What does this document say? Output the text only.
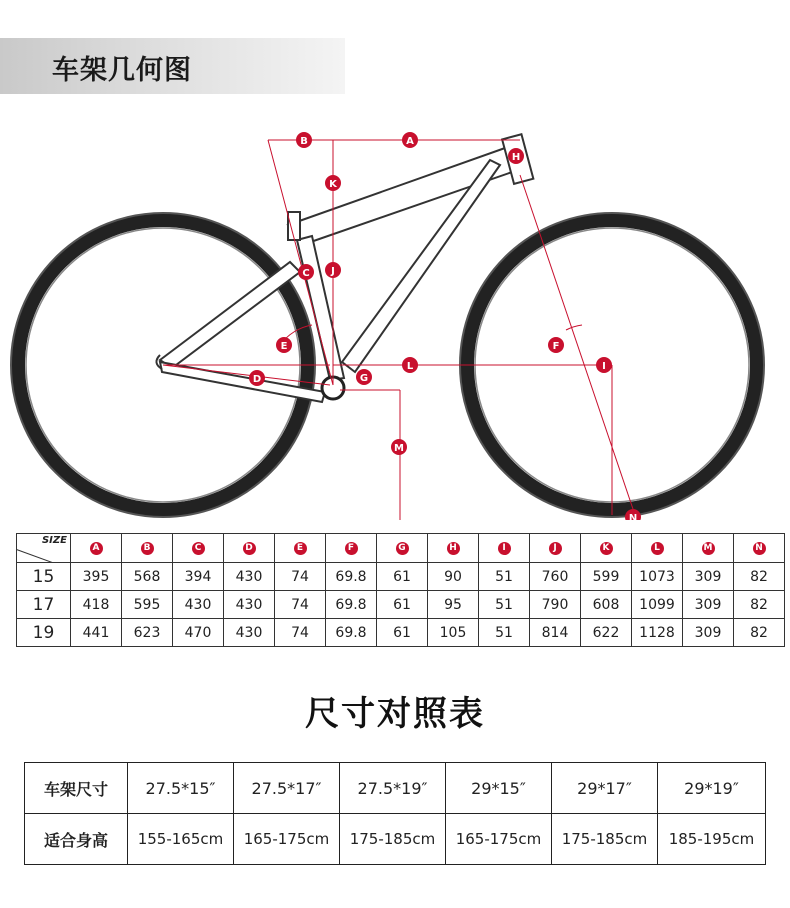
车架几何图
A
B
C
D
E	F
G
H
I
J
K
L
M
N
SIZE	A	B	C	D	E	F	G	H	I	J	K	L	M	N
15	395	568	394	430	74	69.8	61	90	51	760	599	1073	309	82
17	418	595	430	430	74	69.8	61	95	51	790	608	1099	309	82
19	441	623	470	430	74	69.8	61	105	51	814	622	1128	309	82
尺寸对照表
车架尺寸	27.5*15″	27.5*17″	27.5*19″	29*15″	29*17″	29*19″
适合身高	155-165cm	165-175cm	175-185cm	165-175cm	175-185cm	185-195cm
